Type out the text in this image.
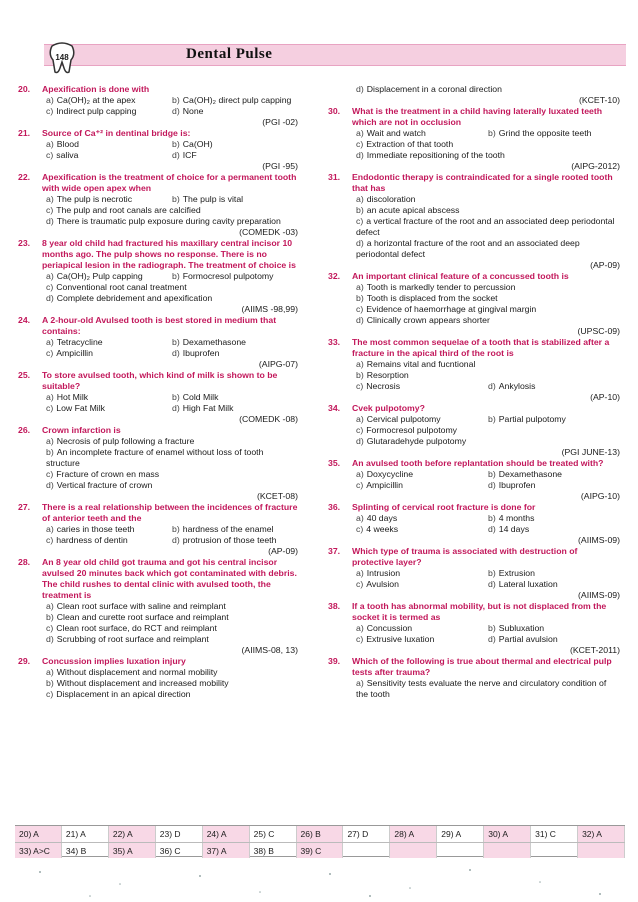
Dental Pulse
148
20. Apexification is done with
a) Ca(OH)₂ at the apex	b) Ca(OH)₂ direct pulp capping
c) Indirect pulp capping	d) None
(PGI -02)
21. Source of Ca⁺² in dentinal bridge is:
a) Blood	b) Ca(OH)
c) saliva	d) ICF
(PGI -95)
22. Apexification is the treatment of choice for a permanent tooth with wide open apex when
a) The pulp is necrotic	b) The pulp is vital
c) The pulp and root canals are calcified
d) There is traumatic pulp exposure during cavity preparation
(COMEDK -03)
23. 8 year old child had fractured his maxillary central incisor 10 months ago. The pulp shows no response. There is no periapical lesion in the radiograph. The treatment of choice is
a) Ca(OH)₂ Pulp capping	b) Formocresol pulpotomy
c) Conventional root canal treatment
d) Complete debridement and apexification
(AIIMS -98,99)
24. A 2-hour-old Avulsed tooth is best stored in medium that contains:
a) Tetracycline	b) Dexamethasone
c) Ampicillin	d) Ibuprofen
(AIPG-07)
25. To store avulsed tooth, which kind of milk is shown to be suitable?
a) Hot Milk	b) Cold Milk
c) Low Fat Milk	d) High Fat Milk
(COMEDK -08)
26. Crown infarction is
a) Necrosis of pulp following a fracture
b) An incomplete fracture of enamel without loss of tooth structure
c) Fracture of crown en mass
d) Vertical fracture of crown
(KCET-08)
27. There is a real relationship between the incidences of fracture of anterior teeth and the
a) caries in those teeth	b) hardness of the enamel
c) hardness of dentin	d) protrusion of those teeth
(AP-09)
28. An 8 year old child got trauma and got his central incisor avulsed 20 minutes back which got contaminated with debris. The child rushes to dental clinic with avulsed tooth, the treatment is
a) Clean root surface with saline and reimplant
b) Clean and curette root surface and reimplant
c) Clean root surface, do RCT and reimplant
d) Scrubbing of root surface and reimplant
(AIIMS-08, 13)
29. Concussion implies luxation injury
a) Without displacement and normal mobility
b) Without displacement and increased mobility
c) Displacement in an apical direction
d) Displacement in a coronal direction
(KCET-10)
30. What is the treatment in a child having laterally luxated teeth which are not in occlusion
a) Wait and watch	b) Grind the opposite teeth
c) Extraction of that tooth
d) Immediate repositioning of the tooth
(AIPG-2012)
31. Endodontic therapy is contraindicated for a single rooted tooth that has
a) discoloration
b) an acute apical abscess
c) a vertical fracture of the root and an associated deep periodontal defect
d) a horizontal fracture of the root and an associated deep periodontal defect
(AP-09)
32. An important clinical feature of a concussed tooth is
a) Tooth is markedly tender to percussion
b) Tooth is displaced from the socket
c) Evidence of haemorrhage at gingival margin
d) Clinically crown appears shorter
(UPSC-09)
33. The most common sequelae of a tooth that is stabilized after a fracture in the apical third of the root is
a) Remains vital and fucntional
b) Resorption
c) Necrosis	d) Ankylosis
(AP-10)
34. Cvek pulpotomy?
a) Cervical pulpotomy	b) Partial pulpotomy
c) Formocresol pulpotomy
d) Glutaradehyde pulpotomy
(PGI JUNE-13)
35. An avulsed tooth before replantation should be treated with?
a) Doxycycline	b) Dexamethasone
c) Ampicillin	d) Ibuprofen
(AIPG-10)
36. Splinting of cervical root fracture is done for
a) 40 days	b) 4 months
c) 4 weeks	d) 14 days
(AIIMS-09)
37. Which type of trauma is associated with destruction of protective layer?
a) Intrusion	b) Extrusion
c) Avulsion	d) Lateral luxation
(AIIMS-09)
38. If a tooth has abnormal mobility, but is not displaced from the socket it is termed as
a) Concussion	b) Subluxation
c) Extrusive luxation	d) Partial avulsion
(KCET-2011)
39. Which of the following is true about thermal and electrical pulp tests after trauma?
a) Sensitivity tests evaluate the nerve and circulatory condition of the tooth
20) A	21) A	22) A	23) D	24) A	25) C	26) B	27) D	28) A	29) A	30) A	31) C	32) A
33) A>C	34) B	35) A	36) C	37) A	38) B	39) C
